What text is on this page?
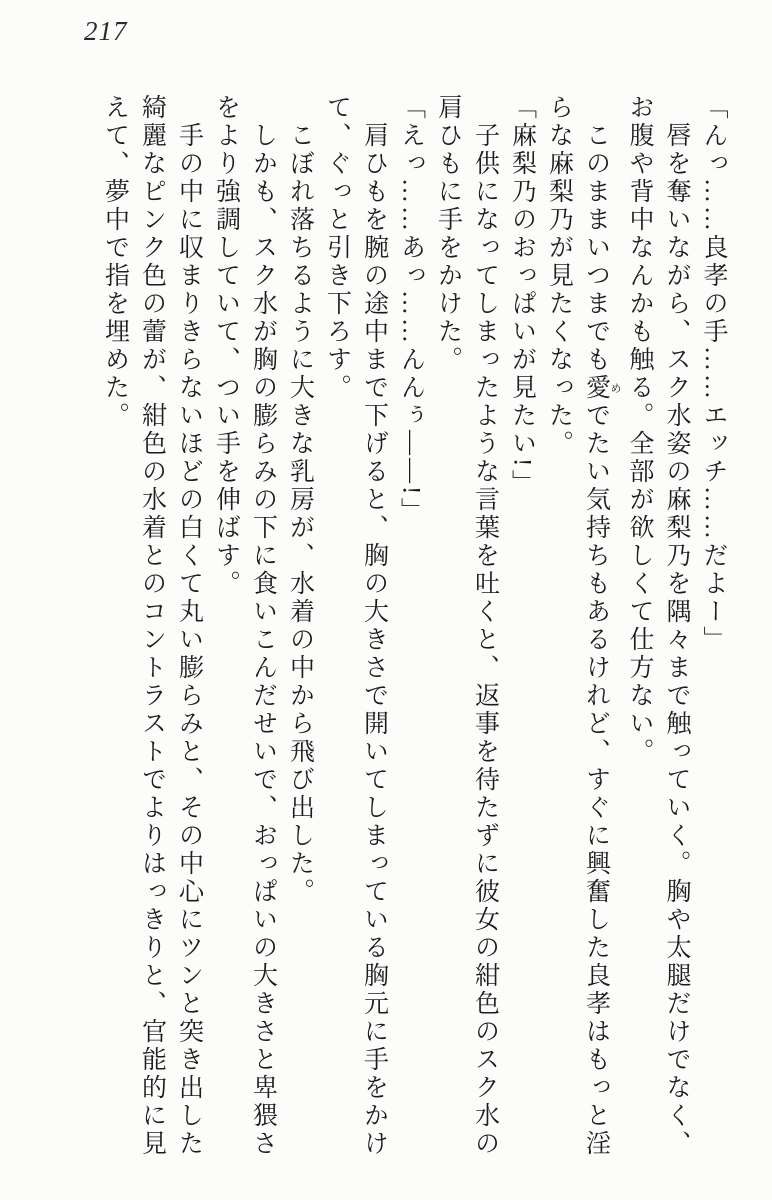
217
「んっ……良孝の手……エッチ……だよー」
唇を奪いながら、スク水姿の麻梨乃を隅々まで触っていく。胸や太腿だけでなく、
お腹や背中なんかも触る。全部が欲しくて仕方ない。
このままいつまでも愛 めでたい気持ちもあるけれど、すぐに興奮した良孝はもっと淫
らな麻梨乃が見たくなった。
「麻梨乃のおっぱいが見たい!」
子供になってしまったような言葉を吐くと、返事を待たずに彼女の紺色のスク水の
肩ひもに手をかけた。
「えっ……あっ……んんぅ――!」
肩ひもを腕の途中まで下げると、胸の大きさで開いてしまっている胸元に手をかけ
て、ぐっと引き下ろす。
こぼれ落ちるように大きな乳房が、水着の中から飛び出した。
しかも、スク水が胸の膨らみの下に食いこんだせいで、おっぱいの大きさと卑猥さ
をより強調していて、つい手を伸ばす。
手の中に収まりきらないほどの白くて丸い膨らみと、その中心にツンと突き出した
綺麗なピンク色の蕾が、紺色の水着とのコントラストでよりはっきりと、官能的に見
えて、夢中で指を埋めた。
